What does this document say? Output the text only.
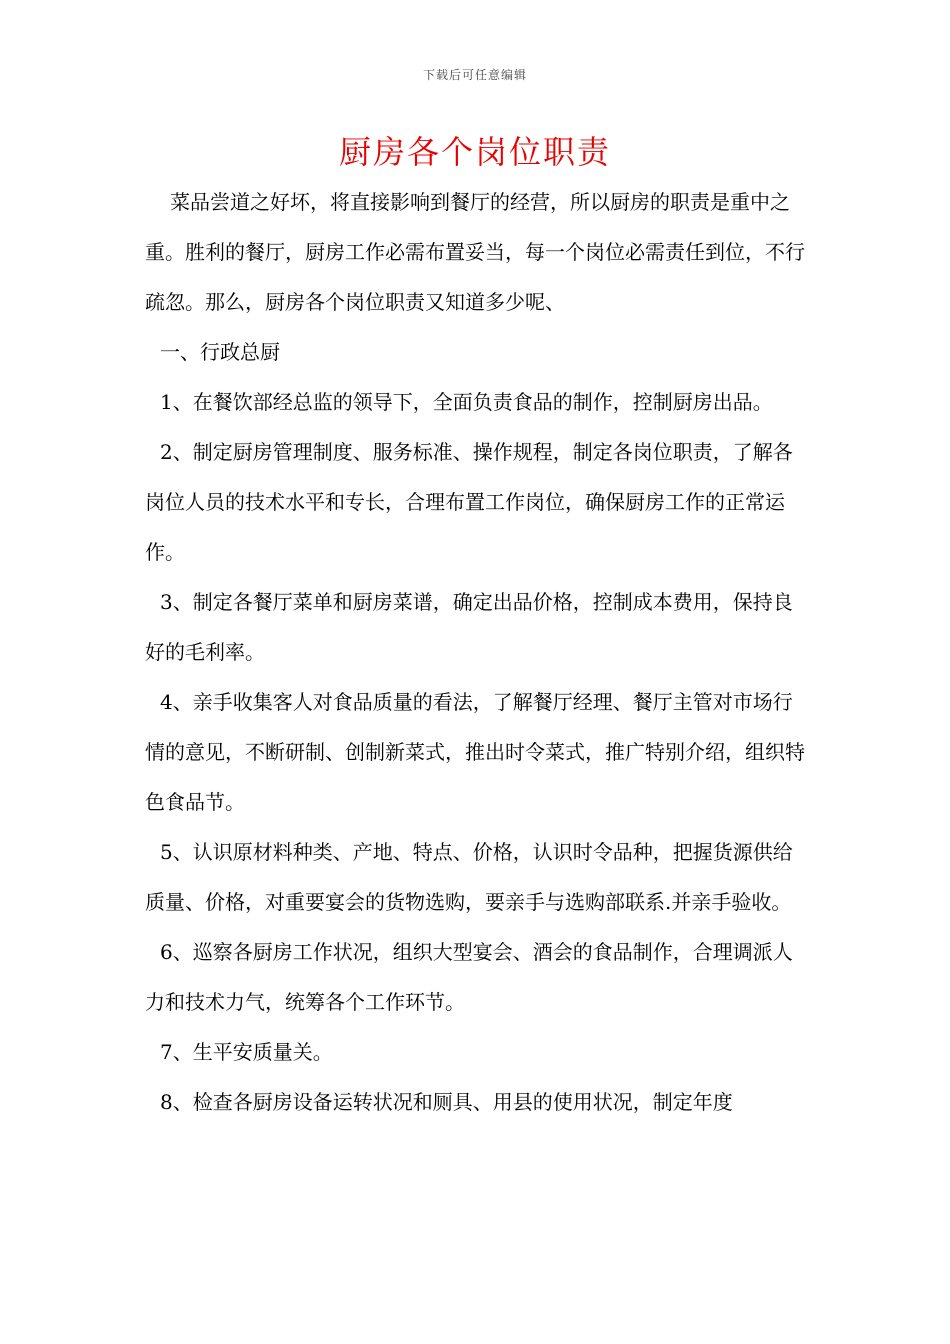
下载后可任意编辑
厨房各个岗位职责

菜品尝道之好坏，将直接影响到餐厅的经营，所以厨房的职责是重中之重。胜利的餐厅，厨房工作必需布置妥当，每一个岗位必需责任到位，不行疏忽。那么，厨房各个岗位职责又知道多少呢、

一、行政总厨

1、在餐饮部经总监的领导下，全面负责食品的制作，控制厨房出品。

2、制定厨房管理制度、服务标准、操作规程，制定各岗位职责，了解各岗位人员的技术水平和专长，合理布置工作岗位，确保厨房工作的正常运作。

3、制定各餐厅菜单和厨房菜谱，确定出品价格，控制成本费用，保持良好的毛利率。

4、亲手收集客人对食品质量的看法，了解餐厅经理、餐厅主管对市场行情的意见，不断研制、创制新菜式，推出时令菜式，推广特别介绍，组织特色食品节。

5、认识原材料种类、产地、特点、价格，认识时令品种，把握货源供给质量、价格，对重要宴会的货物选购，要亲手与选购部联系.并亲手验收。

6、巡察各厨房工作状况，组织大型宴会、酒会的食品制作，合理调派人力和技术力气，统筹各个工作环节。

7、生平安质量关。

8、检查各厨房设备运转状况和厕具、用县的使用状况，制定年度
